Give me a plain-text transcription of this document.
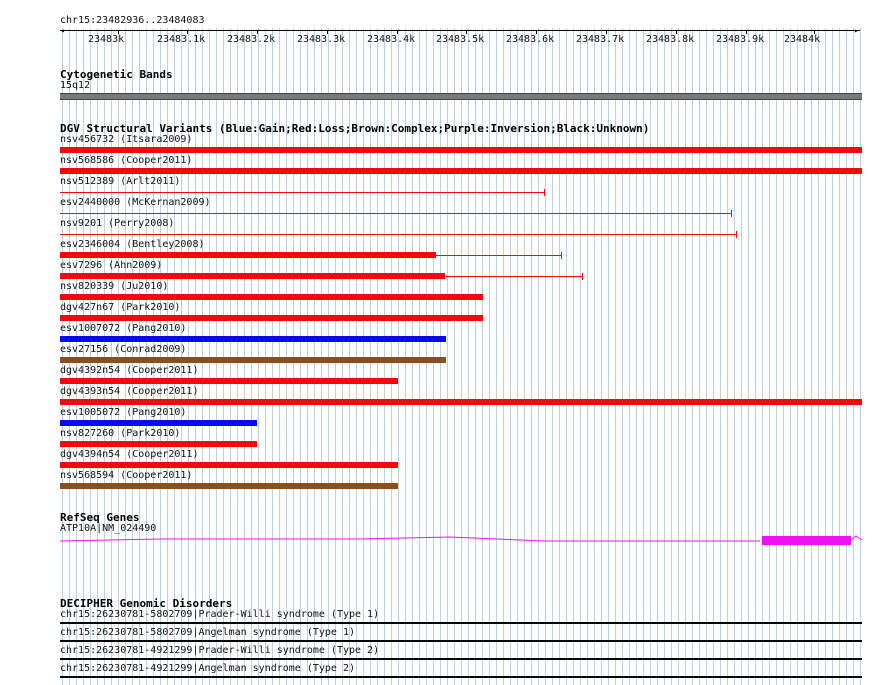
chr15:23482936..23484083
◂	▸
23483k	23483.1k 23483.2k 23483.3k 23483.4k 23483.5k 23483.6k 23483.7k 23483.8k 23483.9k 23484k
Cytogenetic Bands
15q12
DGV Structural Variants (Blue:Gain;Red:Loss;Brown:Complex;Purple:Inversion;Black:Unknown)
nsv456732 (Itsara2009)
nsv568586 (Cooper2011)
nsv512389 (Arlt2011)
esv2440000 (McKernan2009)
nsv9201 (Perry2008)
esv2346004 (Bentley2008)
esv7296 (Ahn2009)
nsv820339 (Ju2010)
dgv427n67 (Park2010)
esv1007072 (Pang2010)
esv27156 (Conrad2009)
dgv4392n54 (Cooper2011)
dgv4393n54 (Cooper2011)
esv1005072 (Pang2010)
nsv827260 (Park2010)
dgv4394n54 (Cooper2011)
nsv568594 (Cooper2011)
RefSeq Genes
ATP10A|NM_024490
DECIPHER Genomic Disorders
chr15:26230781-5802709|Prader-Willi syndrome (Type 1)
chr15:26230781-5802709|Angelman syndrome (Type 1)
chr15:26230781-4921299|Prader-Willi syndrome (Type 2)
chr15:26230781-4921299|Angelman syndrome (Type 2)
